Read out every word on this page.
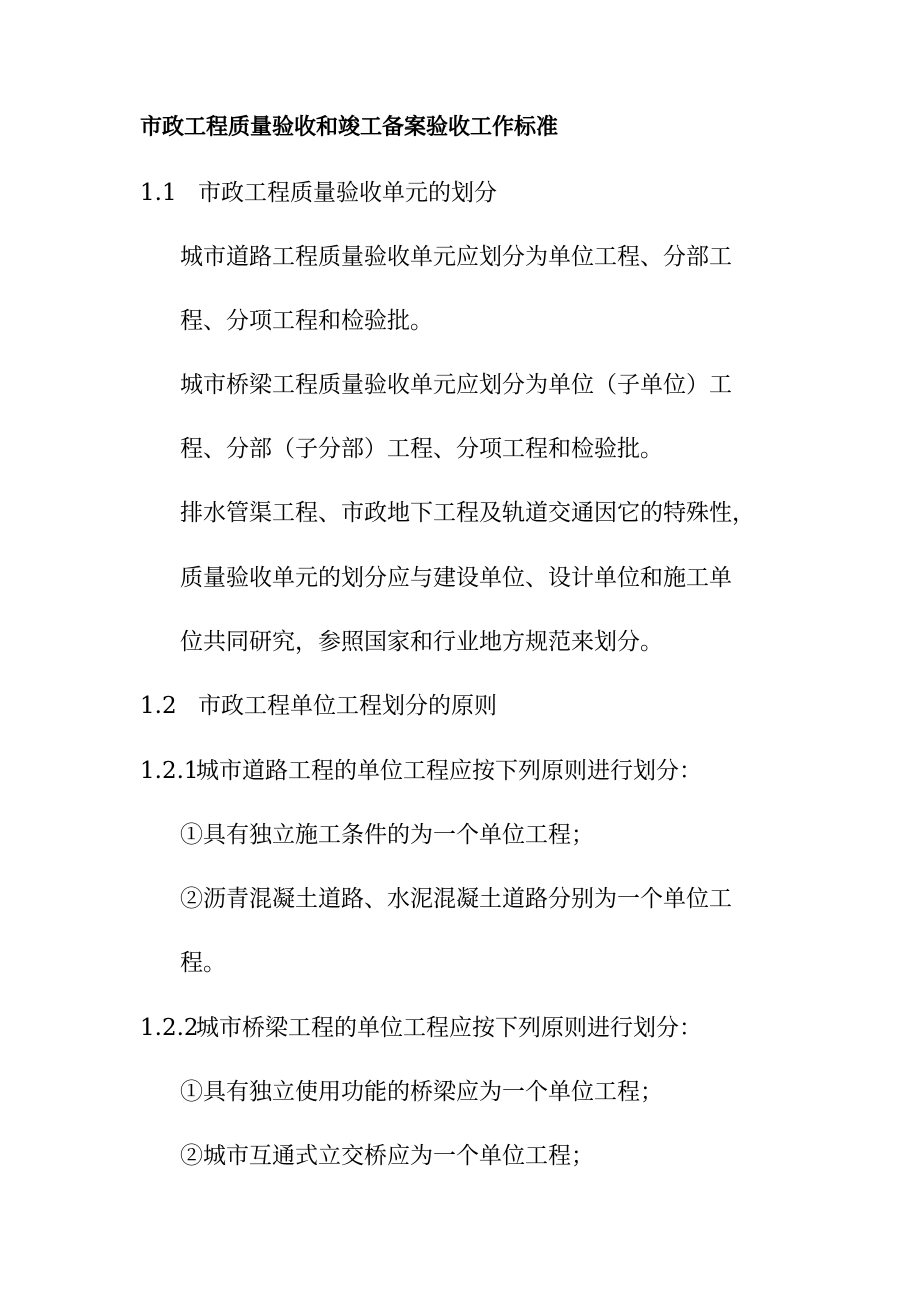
市政工程质量验收和竣工备案验收工作标准

1.1 市政工程质量验收单元的划分

城市道路工程质量验收单元应划分为单位工程、分部工

程、分项工程和检验批。

城市桥梁工程质量验收单元应划分为单位（子单位）工

程、分部（子分部）工程、分项工程和检验批。

排水管渠工程、市政地下工程及轨道交通因它的特殊性，

质量验收单元的划分应与建设单位、设计单位和施工单

位共同研究，参照国家和行业地方规范来划分。

1.2 市政工程单位工程划分的原则

1.2.1城市道路工程的单位工程应按下列原则进行划分：

①具有独立施工条件的为一个单位工程；

②沥青混凝土道路、水泥混凝土道路分别为一个单位工

程。

1.2.2城市桥梁工程的单位工程应按下列原则进行划分：

①具有独立使用功能的桥梁应为一个单位工程；

②城市互通式立交桥应为一个单位工程；
